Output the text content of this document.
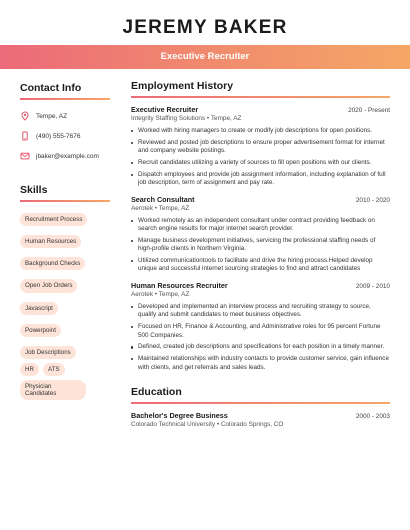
JEREMY BAKER
Executive Recruiter
Contact Info
Tempe, AZ
(490) 555-7676
jbaker@example.com
Skills
Recruitment Process
Human Resources
Background Checks
Open Job Orders
Javascript
Powerpoint
Job Descriptions
HR	ATS
Physician Candidates
Employment History
Executive Recruiter	2020 - Present
Integrity Staffing Solutions • Tempe, AZ
Worked with hiring managers to create or modify job descriptions for open positions.
Reviewed and posted job descriptions to ensure proper advertisement format for internet and company website postings.
Recruit candidates utilizing a variety of sources to fill open positions with our clients.
Dispatch employees and provide job assignment information, including explanation of full job description, term of assignment and pay rate.
Search Consultant	2010 - 2020
Aerotek • Tempe, AZ
Worked remotely as an independent consultant under contract providing feedback on search engine results for major internet search provider.
Manage business development initiatives, servicing the professional staffing needs of high-profile clients in Northern Virginia.
Utilized communicationtools to facilitate and drive the hiring process.Helped develop unique and successful internet sourcing strategies to find and attract candidates
Human Resources Recruiter	2009 - 2010
Aerotek • Tempe, AZ
Developed and implemented an interview process and recruiting strategy to source, qualify and submit candidates to meet business objectives.
Focused on HR, Finance & Accounting, and Administrative roles for 95 percent Fortune 500 Companies.
Defined, created job descriptions and specifications for each position in a timely manner.
Maintained relationships with industry contacts to provide customer service, gain influence with clients, and get referrals and sales leads.
Education
Bachelor's Degree Business	2000 - 2003
Colorado Technical University • Colorado Springs, CO
